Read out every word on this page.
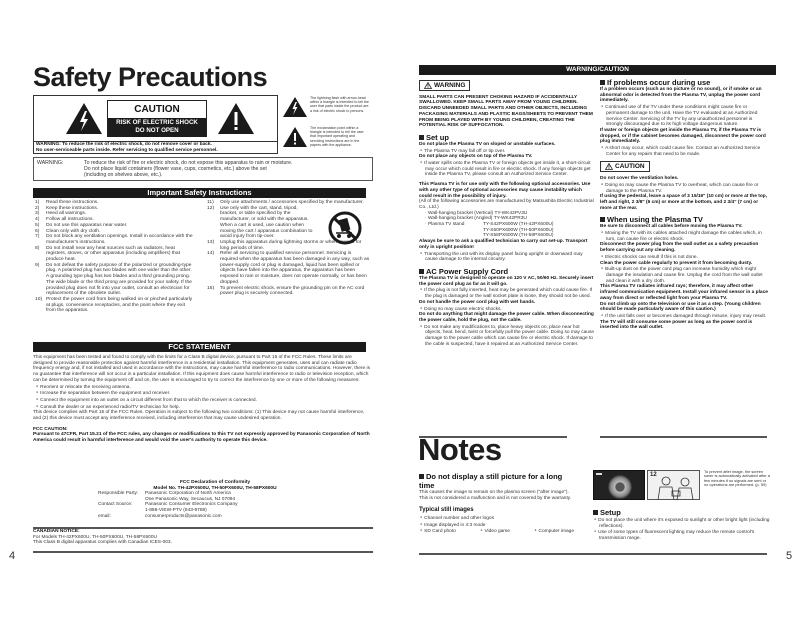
Safety Precautions
CAUTION
RISK OF ELECTRIC SHOCK
DO NOT OPEN
WARNING: To reduce the risk of electric shock, do not remove cover or back.
No user-serviceable parts inside. Refer servicing to qualified service personnel.
The lightning flash with arrow-head within a triangle is intended to tell the user that parts inside the product are a risk of electric shock to persons.
The exclamation point within a triangle is intended to tell the user that important operating and servicing instructions are in the papers with the appliance.
WARNING:	To reduce the risk of fire or electric shock, do not expose this apparatus to rain or moisture.
Do not place liquid containers (flower vase, cups, cosmetics, etc.) above the set
(including on shelves above, etc.).
Important Safety Instructions
1)	Read these instructions.
2)	Keep these instructions.
3)	Heed all warnings.
4)	Follow all instructions.
5)	Do not use this apparatus near water.
6)	Clean only with dry cloth.
7)	Do not block any ventilation openings. Install in accordance with the manufacturer's instructions.
8)	Do not install near any heat sources such as radiators, heat registers, stoves, or other apparatus (including amplifiers) that produce heat.
9)	Do not defeat the safety purpose of the polarized or grounding-type plug. A polarized plug has two blades with one wider than the other. A grounding type plug has two blades and a third grounding prong. The wide blade or the third prong are provided for your safety. If the provided plug does not fit into your outlet, consult an electrician for replacement of the obsolete outlet.
10) Protect the power cord from being walked on or pinched particularly at plugs, convenience receptacles, and the point where they exit from the apparatus.
11)	Only use attachments / accessories specified by the manufacturer.
12)	Use only with the cart, stand, tripod, bracket, or table specified by the manufacturer, or sold with the apparatus. When a cart is used, use caution when moving the cart / apparatus combination to avoid injury from tip-over.
13)	Unplug this apparatus during lightning storms or when unused for long periods of time.
14)	Refer all servicing to qualified service personnel. Servicing is required when the apparatus has been damaged in any way, such as power-supply cord or plug is damaged, liquid has been spilled or objects have fallen into the apparatus, the apparatus has been exposed to rain or moisture, does not operate normally, or has been dropped.
15)	To prevent electric shock, ensure the grounding pin on the AC cord power plug is securely connected.
FCC STATEMENT
This equipment has been tested and found to comply with the limits for a Class B digital device, pursuant to Part 15 of the FCC Rules. These limits are designed to provide reasonable protection against harmful interference in a residential installation. This equipment generates, uses and can radiate radio frequency energy and, if not installed and used in accordance with the instructions, may cause harmful interference to radio communications. However, there is no guarantee that interference will not occur in a particular installation. If this equipment does cause harmful interference to radio or television reception, which can be determined by turning the equipment off and on, the user is encouraged to try to correct the interference by one or more of the following measures:
● Reorient or relocate the receiving antenna.
● Increase the separation between the equipment and receiver.
● Connect the equipment into an outlet on a circuit different from that to which the receiver is connected.
● Consult the dealer or an experienced radio/TV technician for help.
This device complies with Part 15 of the FCC Rules. Operation is subject to the following two conditions: (1) This device may not cause harmful interference, and (2) this device must accept any interference received, including interference that may cause undesired operation.
FCC CAUTION:
Pursuant to 47CFR, Part 15.21 of the FCC rules, any changes or modifications to this TV not expressly approved by Panasonic Corporation of North America could result in harmful interference and would void the user's authority to operate this device.
FCC Declaration of Conformity
Model No. TH-42PX600U, TH-50PX600U, TH-58PX600U
Responsible Party:	Panasonic Corporation of North America
One Panasonic Way, Secaucus, NJ 07094
Contact Source:	Panasonic Consumer Electronics Company
1-888-VIEW-PTV (843-9788)
email:	consumerproducts@panasonic.com
CANADIAN NOTICE:
For Models TH-42PX600U, TH-50PX600U, TH-58PX600U
This Class B digital apparatus complies with Canadian ICES-003.
4
WARNING/CAUTION
WARNING
SMALL PARTS CAN PRESENT CHOKING HAZARD IF ACCIDENTALLY SWALLOWED. KEEP SMALL PARTS AWAY FROM YOUNG CHILDREN. DISCARD UNNEEDED SMALL PARTS AND OTHER OBJECTS, INCLUDING PACKAGING MATERIALS AND PLASTIC BAGS/SHEETS TO PREVENT THEM FROM BEING PLAYED WITH BY YOUNG CHILDREN, CREATING THE POTENTIAL RISK OF SUFFOCATION.
Set up
Do not place the Plasma TV on sloped or unstable surfaces.
● The Plasma TV may fall off or tip over.
Do not place any objects on top of the Plasma TV.
● If water spills onto the Plasma TV or foreign objects get inside it, a short-circuit may occur which could result in fire or electric shock. If any foreign objects get inside the Plasma TV, please consult an Authorized Service Center.
This Plasma TV is for use only with the following optional accessories. Use with any other type of optional accessories may cause instability which could result in the possibility of injury.
(All of the following accessories are manufactured by Matsushita Electric Industrial Co., Ltd.)
· Wall-hanging bracket (Vertical)
TY-WK42PV3U
· Wall-hanging bracket (Angled)
TY-WK42PR3U
· Plasma TV stand	TY-S42PX600W (TH-42PX600U)
TY-S50PX600W (TH-50PX600U)
TY-S58PX600W (TH-58PX600U)
Always be sure to ask a qualified technician to carry out set-up. Transport only in upright position!
● Transporting the unit with its display panel facing upright or downward may cause damage to the internal circuitry.
AC Power Supply Cord
The Plasma TV is designed to operate on 120 V AC, 50/60 Hz. Securely insert the power cord plug as far as it will go.
● If the plug is not fully inserted, heat may be generated which could cause fire. If the plug is damaged or the wall socket plate is loose, they should not be used.
Do not handle the power cord plug with wet hands.
● Doing so may cause electric shocks.
Do not do anything that might damage the power cable. When disconnecting the power cable, hold the plug, not the cable.
● Do not make any modifications to, place heavy objects on, place near hot objects, heat, bend, twist or forcefully pull the power cable. Doing so may cause damage to the power cable which can cause fire or electric shock. If damage to the cable is suspected, have it repaired at an Authorized Service Center.
If problems occur during use
If a problem occurs (such as no picture or no sound), or if smoke or an abnormal odor is detected from the Plasma TV, unplug the power cord immediately.
● Continued use of the TV under these conditions might cause fire or permanent damage to the unit. Have the TV evaluated at an Authorized Service Center. Servicing of the TV by any unauthorized personnel is strongly discouraged due to its high voltage dangerous nature.
If water or foreign objects get inside the Plasma TV, if the Plasma TV is dropped, or if the cabinet becomes damaged, disconnect the power cord plug immediately.
● A short may occur, which could cause fire. Contact an Authorized Service Center for any repairs that need to be made.
CAUTION
Do not cover the ventilation holes.
● Doing so may cause the Plasma TV to overheat, which can cause fire or damage to the Plasma TV.
If using the pedestal, leave a space of 3 15/16" (10 cm) or more at the top, left and right, 2 3/8" (6 cm) or more at the bottom, and 2 3/4" (7 cm) or more at the rear.
When using the Plasma TV
Be sure to disconnect all cables before moving the Plasma TV.
● Moving the TV with its cables attached might damage the cables which, in turn, can cause fire or electric shock.
Disconnect the power plug from the wall outlet as a safety precaution before carrying out any cleaning.
● Electric shocks can result if this is not done.
Clean the power cable regularly to prevent it from becoming dusty.
● Built-up dust on the power cord plug can increase humidity which might damage the insulation and cause fire. Unplug the cord from the wall outlet and clean it with a dry cloth.
This Plasma TV radiates infrared rays; therefore, it may affect other infrared communication equipment. Install your infrared sensor in a place away from direct or reflected light from your Plasma TV.
Do not climb up onto the television or use it as a step. (Young children should be made particularly aware of this caution.)
● If the unit falls over or becomes damaged through misuse, injury may result.
The TV will still consume some power as long as the power cord is inserted into the wall outlet.
Notes
Do not display a still picture for a long time
This causes the image to remain on the plasma screen ("after image"). This is not considered a malfunction and is not covered by the warranty.
Typical still images
● Channel number and other logos
● Image displayed in 4:3 mode
● SD Card photo	● Video game	● Computer image
12
To prevent after image, the screen saver is automatically activated after a few minutes if no signals are sent or no operations are performed. (p. 59)
Setup
● Do not place the unit where it's exposed to sunlight or other bright light (including reflections).
● Use of some types of fluorescent lighting may reduce the remote control's transmission range.
5
